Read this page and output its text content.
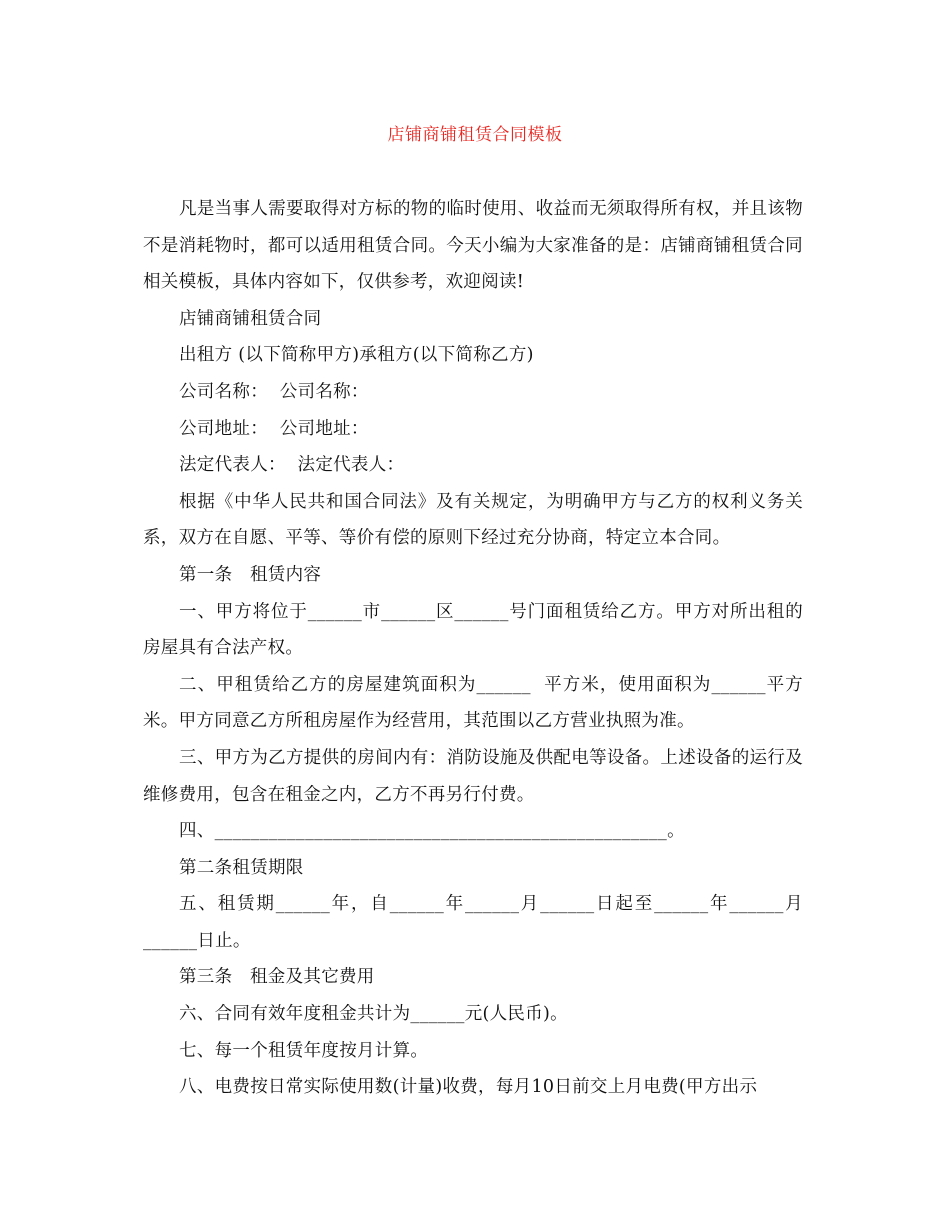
店铺商铺租赁合同模板

凡是当事人需要取得对方标的物的临时使用、收益而无须取得所有权，并且该物不是消耗物时，都可以适用租赁合同。今天小编为大家准备的是：店铺商铺租赁合同相关模板，具体内容如下，仅供参考，欢迎阅读!

店铺商铺租赁合同

出租方 (以下简称甲方)承租方(以下简称乙方)

公司名称：  公司名称：

公司地址：  公司地址：

法定代表人：  法定代表人：

根据《中华人民共和国合同法》及有关规定，为明确甲方与乙方的权利义务关系，双方在自愿、平等、等价有偿的原则下经过充分协商，特定立本合同。

第一条   租赁内容

一、甲方将位于______市______区______号门面租赁给乙方。甲方对所出租的房屋具有合法产权。

二、甲租赁给乙方的房屋建筑面积为______  平方米，使用面积为______平方米。甲方同意乙方所租房屋作为经营用，其范围以乙方营业执照为准。

三、甲方为乙方提供的房间内有：消防设施及供配电等设备。上述设备的运行及维修费用，包含在租金之内，乙方不再另行付费。

四、__________________________________________________。

第二条租赁期限

五、租赁期______年，自______年______月______日起至______年______月______日止。

第三条   租金及其它费用

六、合同有效年度租金共计为______元(人民币)。

七、每一个租赁年度按月计算。

八、电费按日常实际使用数(计量)收费，每月10日前交上月电费(甲方出示
